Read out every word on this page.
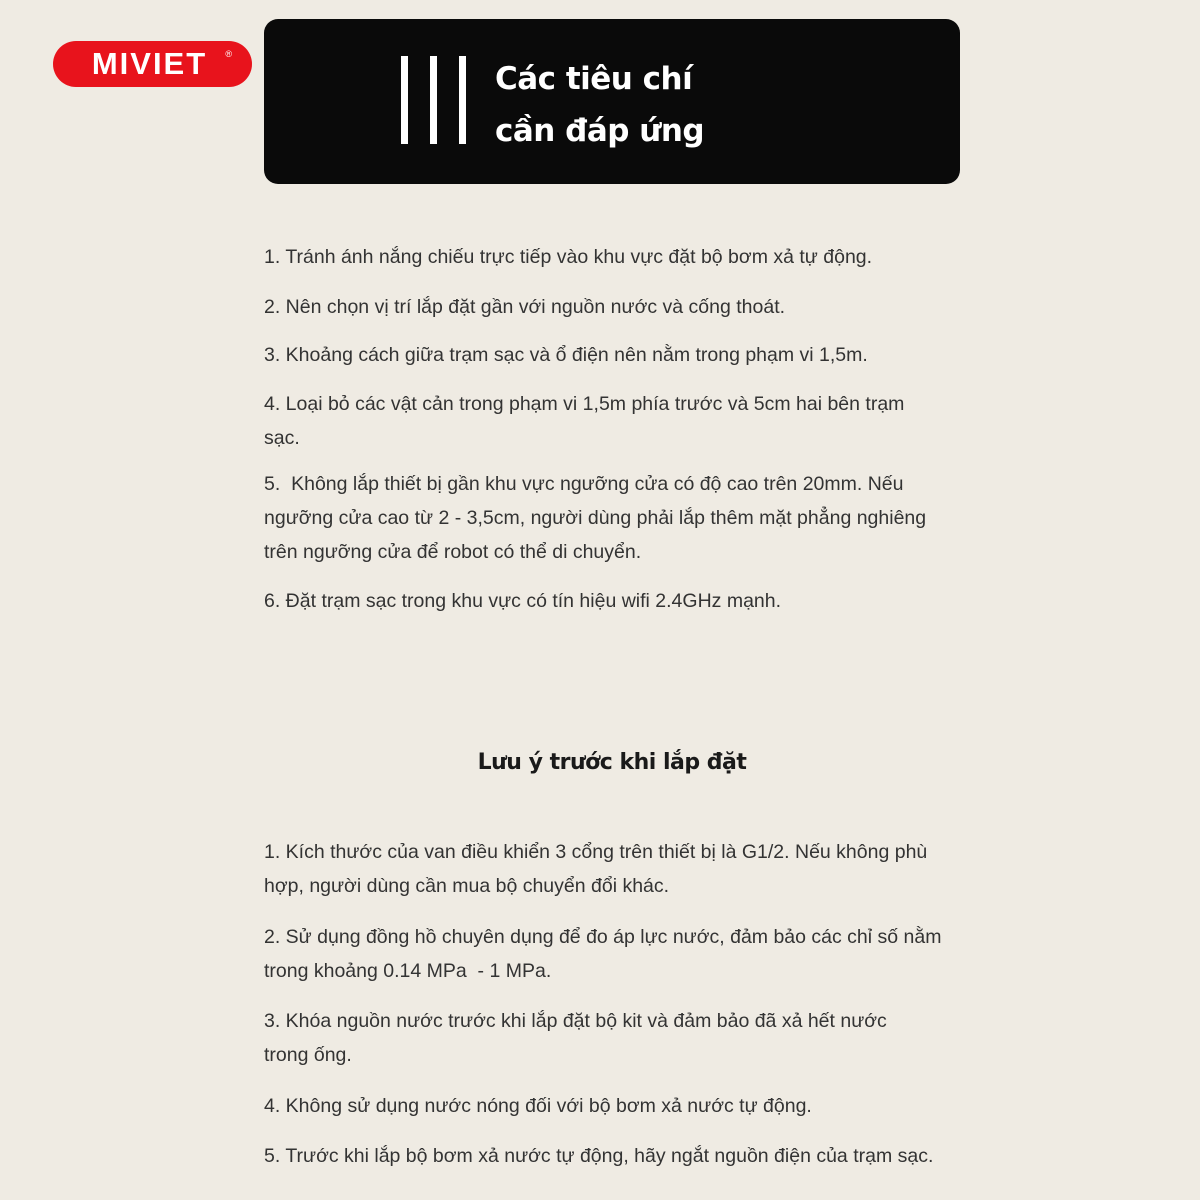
MIVIET ®
Các tiêu chí
cần đáp ứng
1. Tránh ánh nắng chiếu trực tiếp vào khu vực đặt bộ bơm xả tự động.
2. Nên chọn vị trí lắp đặt gần với nguồn nước và cống thoát.
3. Khoảng cách giữa trạm sạc và ổ điện nên nằm trong phạm vi 1,5m.
4. Loại bỏ các vật cản trong phạm vi 1,5m phía trước và 5cm hai bên trạm sạc.
5.  Không lắp thiết bị gần khu vực ngưỡng cửa có độ cao trên 20mm. Nếu ngưỡng cửa cao từ 2 - 3,5cm, người dùng phải lắp thêm mặt phẳng nghiêng trên ngưỡng cửa để robot có thể di chuyển.
6. Đặt trạm sạc trong khu vực có tín hiệu wifi 2.4GHz mạnh.
Lưu ý trước khi lắp đặt
1. Kích thước của van điều khiển 3 cổng trên thiết bị là G1/2. Nếu không phù hợp, người dùng cần mua bộ chuyển đổi khác.
2. Sử dụng đồng hồ chuyên dụng để đo áp lực nước, đảm bảo các chỉ số nằm trong khoảng 0.14 MPa  - 1 MPa.
3. Khóa nguồn nước trước khi lắp đặt bộ kit và đảm bảo đã xả hết nước trong ống.
4. Không sử dụng nước nóng đối với bộ bơm xả nước tự động.
5. Trước khi lắp bộ bơm xả nước tự động, hãy ngắt nguồn điện của trạm sạc.
